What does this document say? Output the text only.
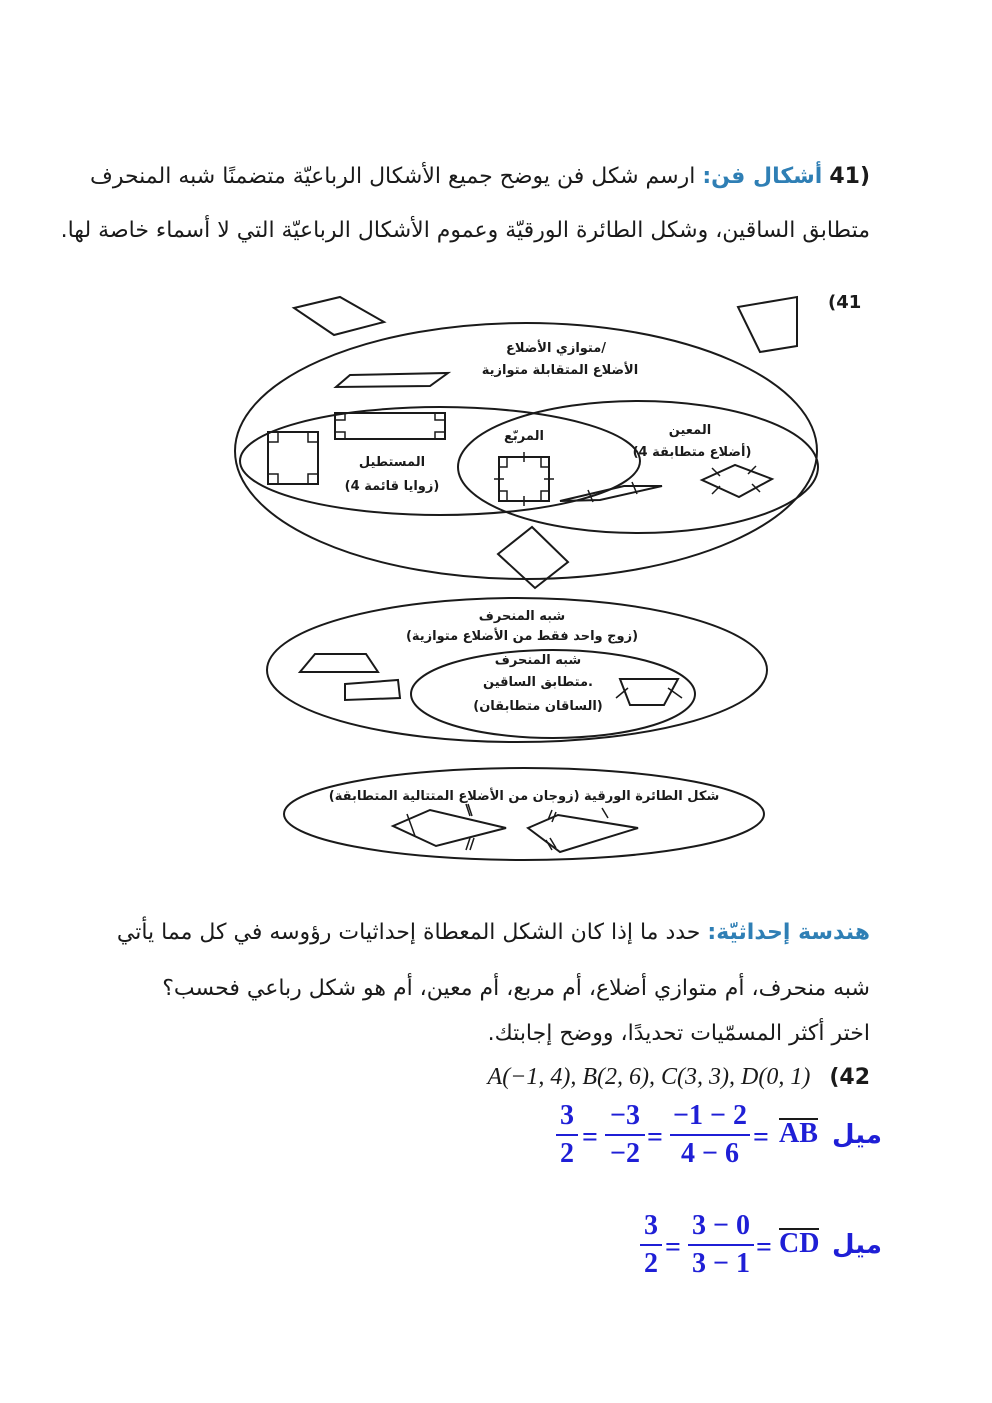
(41 أشكال فن: ارسم شكل فن يوضح جميع الأشكال الرباعيّة متضمنًا شبه المنحرف
متطابق الساقين، وشكل الطائرة الورقيّة وعموم الأشكال الرباعيّة التي لا أسماء خاصة لها.
(41
متوازي الأضلاع/
الأضلاع المتقابلة متوازية
المستطيل
(4 زوايا قائمة)
المربّع	المعين
(4 أضلاع متطابقة)
شبه المنحرف
(زوج واحد فقط من الأضلاع متوازية)
شبه المنحرف
متطابق الساقين.
(الساقان متطابقان)
شكل الطائرة الورقية (زوجان من الأضلاع المتتالية المتطابقة)
هندسة إحداثيّة: حدد ما إذا كان الشكل المعطاة إحداثيات رؤوسه في كل مما يأتي
شبه منحرف، أم متوازي أضلاع، أم مربع، أم معين، أم هو شكل رباعي فحسب؟
اختر أكثر المسمّيات تحديدًا، ووضح إجابتك.
A(−1, 4), B(2, 6), C(3, 3), D(0, 1) (42
ميل
AB
=
−1 − 2
4 − 6
=
−3
−2
=
3
2
ميل
CD
=
3 − 0
3 − 1
=
3
2
